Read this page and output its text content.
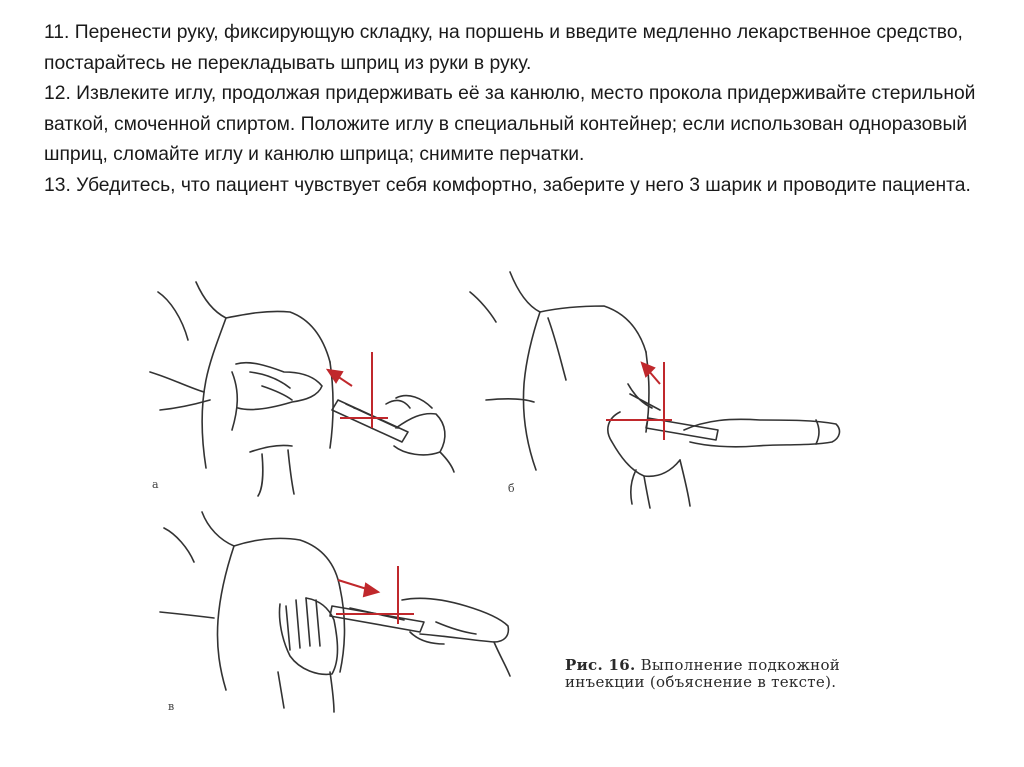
11. Перенести руку, фиксирующую складку, на поршень и введите медленно лекарственное средство, постарайтесь не перекладывать шприц из руки в руку.

12. Извлеките иглу, продолжая придерживать её за канюлю, место прокола придерживайте стерильной ваткой, смоченной спиртом. Положите иглу в специальный контейнер; если использован одноразовый шприц, сломайте иглу и канюлю шприца; снимите перчатки.

13. Убедитесь, что пациент чувствует себя комфортно, заберите у него 3 шарик и проводите пациента.

а	б
в
Рис. 16. Выполнение подкожной инъекции (объяснение в тексте).
